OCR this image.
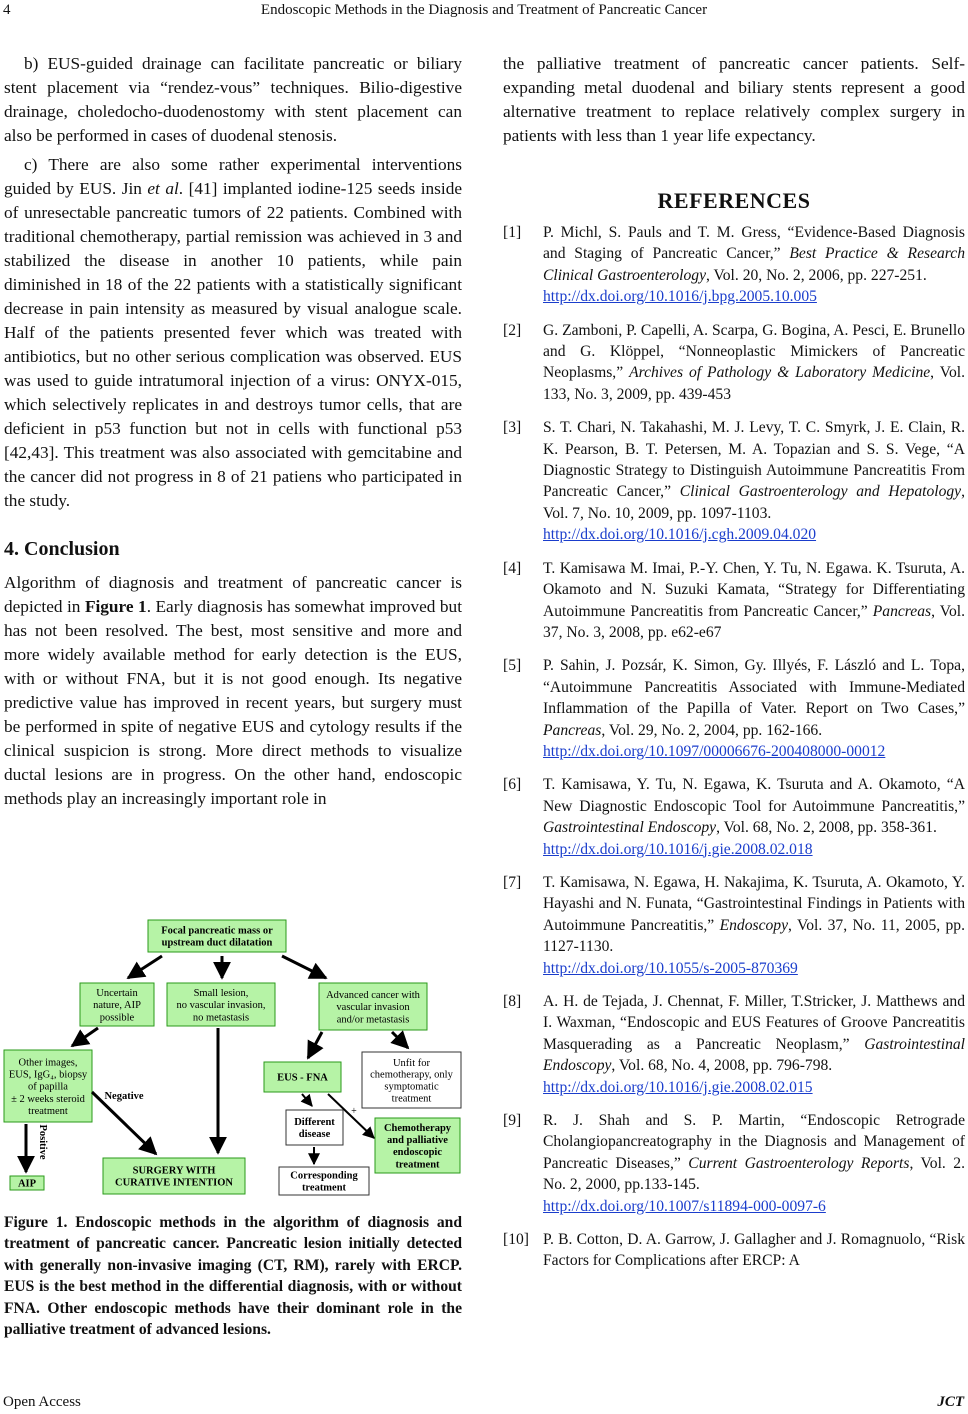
4	Endoscopic Methods in the Diagnosis and Treatment of Pancreatic Cancer

b) EUS-guided drainage can facilitate pancreatic or biliary stent placement via “rendez-vous” techniques. Bilio-digestive drainage, choledocho-duodenostomy with stent placement can also be performed in cases of duodenal stenosis.

c) There are also some rather experimental interventions guided by EUS. Jin et al. [41] implanted iodine-125 seeds inside of unresectable pancreatic tumors of 22 patients. Combined with traditional chemotherapy, partial remission was achieved in 3 and stabilized the disease in another 10 patients, while pain diminished in 18 of the 22 patients with a statistically significant decrease in pain intensity as measured by visual analogue scale. Half of the patients presented fever which was treated with antibiotics, but no other serious complication was observed. EUS was used to guide intratumoral injection of a virus: ONYX-015, which selectively replicates in and destroys tumor cells, that are deficient in p53 function but not in cells with functional p53 [42,43]. This treatment was also associated with gemcitabine and the cancer did not progress in 8 of 21 patiens who participated in the study.

4. Conclusion

Algorithm of diagnosis and treatment of pancreatic cancer is depicted in Figure 1. Early diagnosis has somewhat improved but has not been resolved. The best, most sensitive and more and more widely available method for early detection is the EUS, with or without FNA, but it is not good enough. Its negative predictive value has improved in recent years, but surgery must be performed in spite of negative EUS and cytology results if the clinical suspicion is strong. More direct methods to visualize ductal lesions are in progress. On the other hand, endoscopic methods play an increasingly important role in

Focal pancreatic mass or
upstream duct dilatation
Uncertain
nature, AIP
possible
Small lesion,
no vascular invasion,
no metastasis
Advanced cancer with
vascular invasion
and/or metastasis
Other images,
EUS, IgG₄, biopsy
of papilla
± 2 weeks steroid
treatment
EUS - FNA
Unfit for
chemotherapy, only
symptomatic
treatment
Different
disease
Chemotherapy
and palliative
endoscopic
treatment
AIP
SURGERY WITH
CURATIVE INTENTION
Corresponding
treatment
Negative
Positive
+
Figure 1. Endoscopic methods in the algorithm of diagnosis and treatment of pancreatic cancer. Pancreatic lesion initially detected with generally non-invasive imaging (CT, RM), rarely with ERCP. EUS is the best method in the differential diagnosis, with or without FNA. Other endoscopic methods have their dominant role in the palliative treatment of advanced lesions.

the palliative treatment of pancreatic cancer patients. Self-expanding metal duodenal and biliary stents represent a good alternative treatment to replace relatively complex surgery in patients with less than 1 year life expectancy.

REFERENCES
[1] P. Michl, S. Pauls and T. M. Gress, “Evidence-Based Diagnosis and Staging of Pancreatic Cancer,” Best Practice & Research Clinical Gastroenterology, Vol. 20, No. 2, 2006, pp. 227-251.
http://dx.doi.org/10.1016/j.bpg.2005.10.005
[2] G. Zamboni, P. Capelli, A. Scarpa, G. Bogina, A. Pesci, E. Brunello and G. Klöppel, “Nonneoplastic Mimickers of Pancreatic Neoplasms,” Archives of Pathology & Laboratory Medicine, Vol. 133, No. 3, 2009, pp. 439-453
[3] S. T. Chari, N. Takahashi, M. J. Levy, T. C. Smyrk, J. E. Clain, R. K. Pearson, B. T. Petersen, M. A. Topazian and S. S. Vege, “A Diagnostic Strategy to Distinguish Autoimmune Pancreatitis From Pancreatic Cancer,” Clinical Gastroenterology and Hepatology, Vol. 7, No. 10, 2009, pp. 1097-1103.
http://dx.doi.org/10.1016/j.cgh.2009.04.020
[4] T. Kamisawa M. Imai, P.-Y. Chen, Y. Tu, N. Egawa. K. Tsuruta, A. Okamoto and N. Suzuki Kamata, “Strategy for Differentiating Autoimmune Pancreatitis from Pancreatic Cancer,” Pancreas, Vol. 37, No. 3, 2008, pp. e62-e67
[5] P. Sahin, J. Pozsár, K. Simon, Gy. Illyés, F. László and L. Topa, “Autoimmune Pancreatitis Associated with Immune-Mediated Inflammation of the Papilla of Vater. Report on Two Cases,” Pancreas, Vol. 29, No. 2, 2004, pp. 162-166.
http://dx.doi.org/10.1097/00006676-200408000-00012
[6] T. Kamisawa, Y. Tu, N. Egawa, K. Tsuruta and A. Okamoto, “A New Diagnostic Endoscopic Tool for Autoimmune Pancreatitis,” Gastrointestinal Endoscopy, Vol. 68, No. 2, 2008, pp. 358-361.
http://dx.doi.org/10.1016/j.gie.2008.02.018
[7] T. Kamisawa, N. Egawa, H. Nakajima, K. Tsuruta, A. Okamoto, Y. Hayashi and N. Funata, “Gastrointestinal Findings in Patients with Autoimmune Pancreatitis,” Endoscopy, Vol. 37, No. 11, 2005, pp. 1127-1130.
http://dx.doi.org/10.1055/s-2005-870369
[8] A. H. de Tejada, J. Chennat, F. Miller, T.Stricker, J. Matthews and I. Waxman, “Endoscopic and EUS Features of Groove Pancreatitis Masquerading as a Pancreatic Neoplasm,” Gastrointestinal Endoscopy, Vol. 68, No. 4, 2008, pp. 796-798.
http://dx.doi.org/10.1016/j.gie.2008.02.015
[9] R. J. Shah and S. P. Martin, “Endoscopic Retrograde Cholangiopancreatography in the Diagnosis and Management of Pancreatic Diseases,” Current Gastroenterology Reports, Vol. 2. No. 2, 2000, pp.133-145.
http://dx.doi.org/10.1007/s11894-000-0097-6
[10] P. B. Cotton, D. A. Garrow, J. Gallagher and J. Romagnuolo, “Risk Factors for Complications after ERCP: A
Open Access	JCT
